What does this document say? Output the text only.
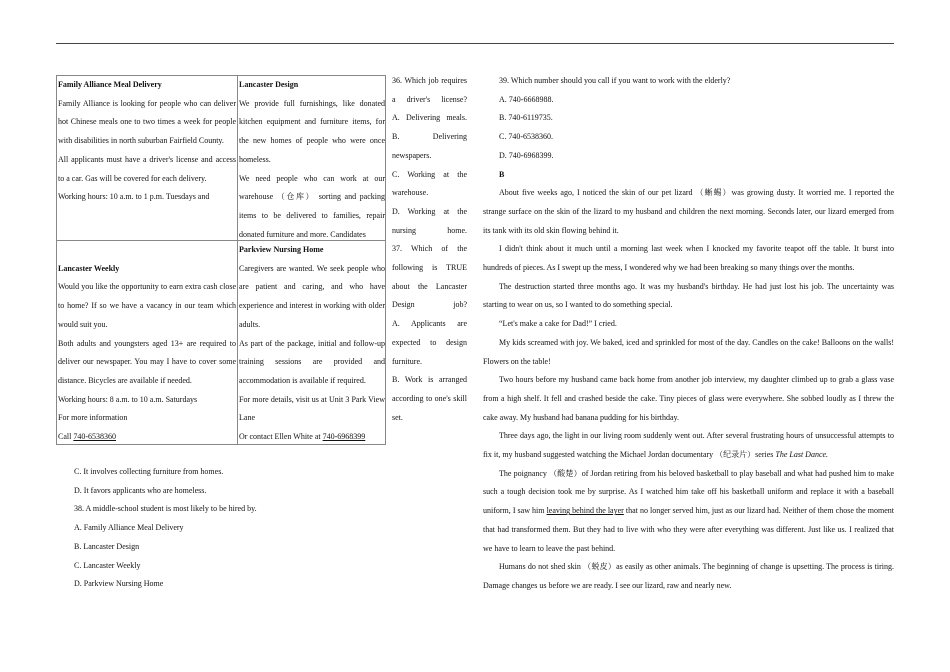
Family Alliance Meal Delivery

Family Alliance is looking for people who can deliver hot Chinese meals one to two times a week for people with disabilities in north suburban Fairfield County.

All applicants must have a driver's license and access to a car. Gas will be covered for each delivery.

Working hours: 10 a.m. to 1 p.m. Tuesdays and

Lancaster Design

We provide full furnishings, like donated kitchen equipment and furniture items, for the new homes of people who were once homeless.

We need people who can work at our warehouse （仓库） sorting and packing items to be delivered to families, repair donated furniture and more. Candidates

Lancaster Weekly

Would you like the opportunity to earn extra cash close to home? If so we have a vacancy in our team which would suit you.

Both adults and youngsters aged 13+ are required to deliver our newspaper. You may I have to cover some distance. Bicycles are available if needed.

Working hours: 8 a.m. to 10 a.m. Saturdays

For more information

Call 740-6538360

Parkview Nursing Home

Caregivers are wanted. We seek people who are patient and caring, and who have experience and interest in working with older adults.

As part of the package, initial and follow-up training sessions are provided and accommodation is available if required.

For more details, visit us at Unit 3 Park View Lane

Or contact Ellen White at 740-6968399

36. Which job requires a driver's license?

A. Delivering meals.

B. Delivering newspapers.

C. Working at the warehouse.

D. Working at the nursing home.

37. Which of the following is TRUE about the Lancaster Design job?

A. Applicants are expected to design furniture.

B. Work is arranged according to one's skill set.

C. It involves collecting furniture from homes.

D. It favors applicants who are homeless.

38. A middle-school student is most likely to be hired by.

A. Family Alliance Meal Delivery

B. Lancaster Design

C. Lancaster Weekly

D. Parkview Nursing Home

39. Which number should you call if you want to work with the elderly?

A. 740-6668988.

B. 740-6119735.

C. 740-6538360.

D. 740-6968399.

B

About five weeks ago, I noticed the skin of our pet lizard （蜥蜴）was growing dusty. It worried me. I reported the strange surface on the skin of the lizard to my husband and children the next morning. Seconds later, our lizard emerged from its tank with its old skin flowing behind it.

I didn't think about it much until a morning last week when I knocked my favorite teapot off the table. It burst into hundreds of pieces. As I swept up the mess, I wondered why we had been breaking so many things over the months.

The destruction started three months ago. It was my husband's birthday. He had just lost his job. The uncertainty was starting to wear on us, so I wanted to do something special.

“Let's make a cake for Dad!” I cried.

My kids screamed with joy. We baked, iced and sprinkled for most of the day. Candles on the cake! Balloons on the walls! Flowers on the table!

Two hours before my husband came back home from another job interview, my daughter climbed up to grab a glass vase from a high shelf. It fell and crashed beside the cake. Tiny pieces of glass were everywhere. She sobbed loudly as I threw the cake away. My husband had banana pudding for his birthday.

Three days ago, the light in our living room suddenly went out. After several frustrating hours of unsuccessful attempts to fix it, my husband suggested watching the Michael Jordan documentary （纪录片）series The Last Dance.

The poignancy （酸楚）of Jordan retiring from his beloved basketball to play baseball and what had pushed him to make such a tough decision took me by surprise. As I watched him take off his basketball uniform and replace it with a baseball uniform, I saw him leaving behind the layer that no longer served him, just as our lizard had. Neither of them chose the moment that had transformed them. But they had to live with who they were after everything was different. Just like us. I realized that we have to learn to leave the past behind.

Humans do not shed skin （蜕皮）as easily as other animals. The beginning of change is upsetting. The process is tiring. Damage changes us before we are ready. I see our lizard, raw and nearly new.
